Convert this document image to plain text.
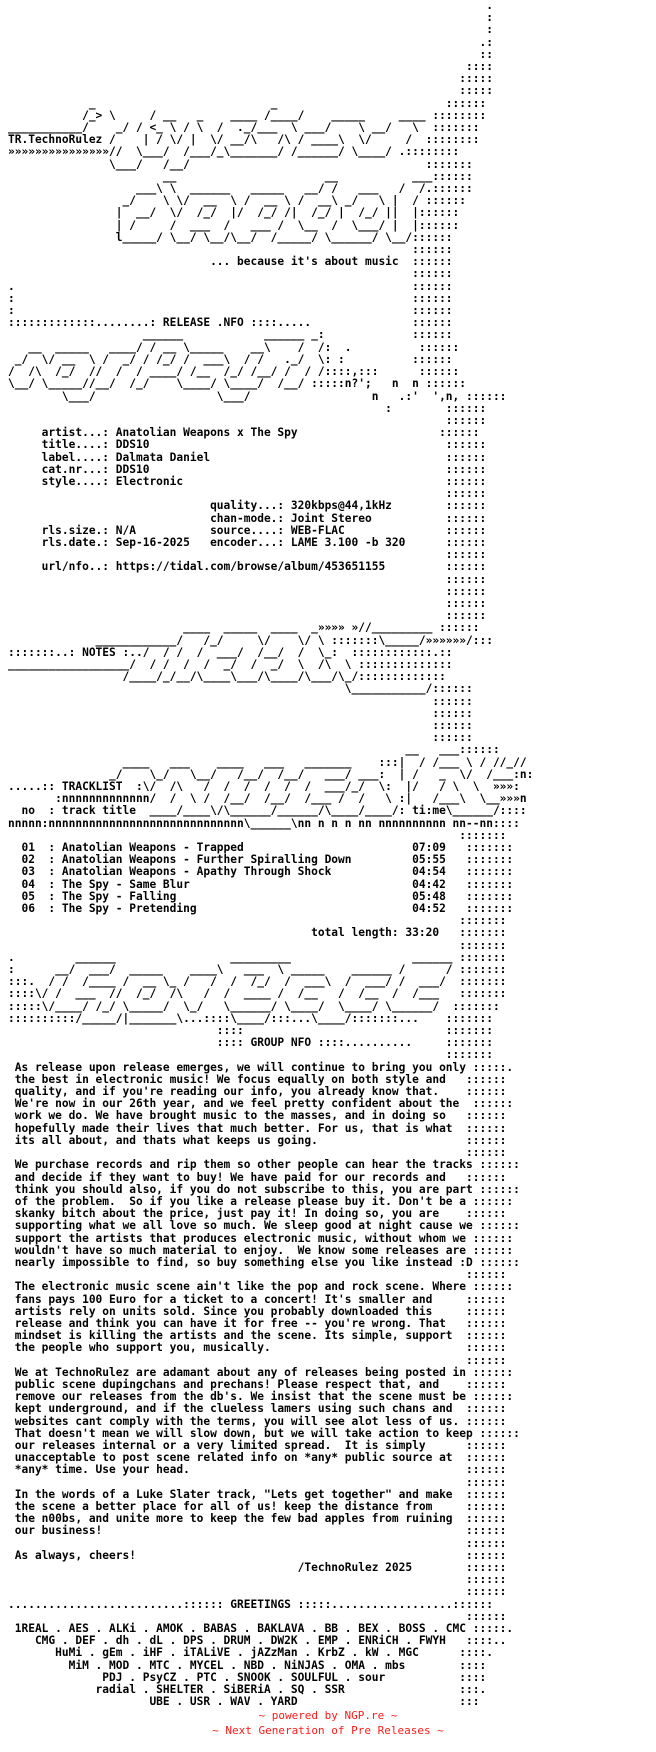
.
:
:
.:
::
::::
:::::
:::::
_                          _                         ::::::
/_> \     / __   _    ____ /____/    _____     ____ ::::::::
___________/    _/ / <_ \ / \  /  ._/___  \ ___/    \ __/   \  :::::::
TR.TechnoRulez /    | / \/ |  \/ __/\   /\ / ____\  \/     /  ::::::::
»»»»»»»»»»»»»»»//  \___/  /___/_\_______/ /______/ \____/ .::::::::
\___/   /__/                                   :::::::
__                      __           ___::::::
___\ \  ______   _____   __/ /   ___   /  /.::::::
_/    \ \/  __  \ /  __ \ /  __\ _/   \ |  / ::::::
|  __/  \/  /_/  |/  /_/ /|  /_/ |  /_/ ||  |::::::
| /     /  ___  /   ___ /  \__  /  \___/ |  |::::::
l_____/ \__/ \__/\__/  /_____/ \______/ \__/::::::
::::::
... because it's about music  ::::::
::::::
.                                                           ::::::

:                                                           ::::::
:                                                           ::::::
:::::::::::::........: RELEASE .NFO ::::.....               ::::::
______            ______ _:             ::::::
__  _____   ____/ / __ \_____    __\    /  /:  .          ::::::
_/  \/ __  \ /  _/ / /_/ /  ___\  / /   ._/  \: :          ::::::
/  /\  /_/  //  /  / ____/ /__  /_/ /__/ /  / /::::,:::      ::::::
\__/ \_____//__/  /_/    \____/ \____/  /__/ :::::n?';   n  n ::::::
\___/                  \___/                  n   .:'  ',n, ::::::
:        ::::::
::::::
artist...: Anatolian Weapons x The Spy                     ::::::
title....: DDS10                                            ::::::
label....: Dalmata Daniel                                   ::::::
cat.nr...: DDS10                                            ::::::
style....: Electronic                                       ::::::
::::::
quality...: 320kbps@44,1kHz        ::::::
chan-mode.: Joint Stereo           ::::::
rls.size.: N/A           source....: WEB-FLAC               ::::::
rls.date.: Sep-16-2025   encoder...: LAME 3.100 -b 320      ::::::
::::::
url/nfo..: https://tidal.com/browse/album/453651155         ::::::
::::::
::::::

::::::
::::::
____  _____  ____  _»»»» »//_________ ::::::
____________/   /_/     \/    \/ \ :::::::\_____/»»»»»»/:::
:::::::..: NOTES :../  / /  /  ___/  /__/  /  \_:  ::::::::::::.::
__________________/  / /  /  /  _/  /  _/  \  /\  \ ::::::::::::::
/____/_/__/\____\___/\____/\___/\_/:::::::::::::
\___________/::::::
::::::
::::::
::::::
::::::

__   ___::::::
____   ___    ____   ___   _______    :::|  / /___ \ / //_//
_/    \_/   \__/   /__/  /__/   ___/ ___:  | /   _  \/  /___:n:
.....:: TRACKLIST  :\/  /\   /  /  /  /  /  /  ___/_/  \:  |/   / \  \  »»»:
:nnnnnnnnnnnnn/  /  \ /  /__/  /__/  /___ /  /   \ :|   /___\  \__»»»n
no  : track title  ____/____\/\______/______/\____/____/: ti:me\______/::::
nnnnn:nnnnnnnnnnnnnnnnnnnnnnnnnnnnn\______\nn n n n nn nnnnnnnnnn nn--nn::::
:::::::
01  : Anatolian Weapons - Trapped                         07:09   :::::::
02  : Anatolian Weapons - Further Spiralling Down         05:55   :::::::
03  : Anatolian Weapons - Apathy Through Shock            04:54   :::::::
04  : The Spy - Same Blur                                 04:42   :::::::
05  : The Spy - Falling                                   05:48   :::::::
06  : The Spy - Pretending                                04:52   :::::::
:::::::
total length: 33:20   :::::::
:::::::
.         ______                 _________                  ______ :::::::

:      __/  ___/  _____    ____\   ___  \ _____    ______ /      / :::::::
:::.  / /  /____ /  __ \_ /   /  /  /_/  /  ___\  /  ___/ /  ___/  :::::::
::::\/ /  ___  //  /_/  /\   /  /  ____ /  /__   /  /__  /  /___   :::::::
:::::\/____/ /_/ \_____/  \_/   \______/ \____/  \____/ \______/  :::::::
::::::::::/_____/|_______\...::::\____/:::...\____/:::::::...    :::::::
::::                              :::::::
:::: GROUP NFO ::::..........     :::::::
:::::::
As release upon release emerges, we will continue to bring you only :::::.
the best in electronic music! We focus equally on both style and   ::::::
quality, and if you're reading our info, you already know that.    ::::::
We're now in our 26th year, and we feel pretty confident about the  ::::::
work we do. We have brought music to the masses, and in doing so   ::::::
hopefully made their lives that much better. For us, that is what  ::::::
its all about, and thats what keeps us going.                      ::::::
::::::
We purchase records and rip them so other people can hear the tracks ::::::
and decide if they want to buy! We have paid for our records and   ::::::
think you should also, if you do not subscribe to this, you are part ::::::
of the problem.  So if you like a release please buy it. Don't be a ::::::
skanky bitch about the price, just pay it! In doing so, you are    ::::::
supporting what we all love so much. We sleep good at night cause we ::::::
support the artists that produces electronic music, without whom we ::::::
wouldn't have so much material to enjoy.  We know some releases are ::::::
nearly impossible to find, so buy something else you like instead :D ::::::
::::::
The electronic music scene ain't like the pop and rock scene. Where ::::::
fans pays 100 Euro for a ticket to a concert! It's smaller and     ::::::
artists rely on units sold. Since you probably downloaded this     ::::::
release and think you can have it for free -- you're wrong. That   ::::::
mindset is killing the artists and the scene. Its simple, support  ::::::
the people who support you, musically.                             ::::::
::::::
We at TechnoRulez are adamant about any of releases being posted in ::::::
public scene dupingchans and prechans! Please respect that, and    ::::::
remove our releases from the db's. We insist that the scene must be ::::::
kept underground, and if the clueless lamers using such chans and  ::::::
websites cant comply with the terms, you will see alot less of us. ::::::
That doesn't mean we will slow down, but we will take action to keep ::::::
our releases internal or a very limited spread.  It is simply      ::::::
unacceptable to post scene related info on *any* public source at  ::::::
*any* time. Use your head.                                         ::::::
::::::
In the words of a Luke Slater track, "Lets get together" and make  ::::::
the scene a better place for all of us! keep the distance from     ::::::
the n00bs, and unite more to keep the few bad apples from ruining  ::::::
our business!                                                      ::::::
::::::
As always, cheers!                                                 ::::::
/TechnoRulez 2025        ::::::
::::::
::::::

..........................:::::: GREETINGS :::::..................::::::
::::::
1REAL . AES . ALKi . AMOK . BABAS . BAKLAVA . BB . BEX . BOSS . CMC :::::.
CMG . DEF . dh . dL . DPS . DRUM . DW2K . EMP . ENRiCH . FWYH   ::::..
HuMi . gEm . iHF . iTALiVE . jAZzMan . KrbZ . kW . MGC      ::::.
MiM . MOD . MTC . MYCEL . NBD . NiNJAS . OMA . mbs        ::::
PDJ . PsyCZ . PTC . SNOOK . SOULFUL . sour           ::::
radial . SHELTER . SiBERiA . SQ . SSR                 :::.
UBE . USR . WAV . YARD                        :::

~ powered by NGP.re ~
~ Next Generation of Pre Releases ~
